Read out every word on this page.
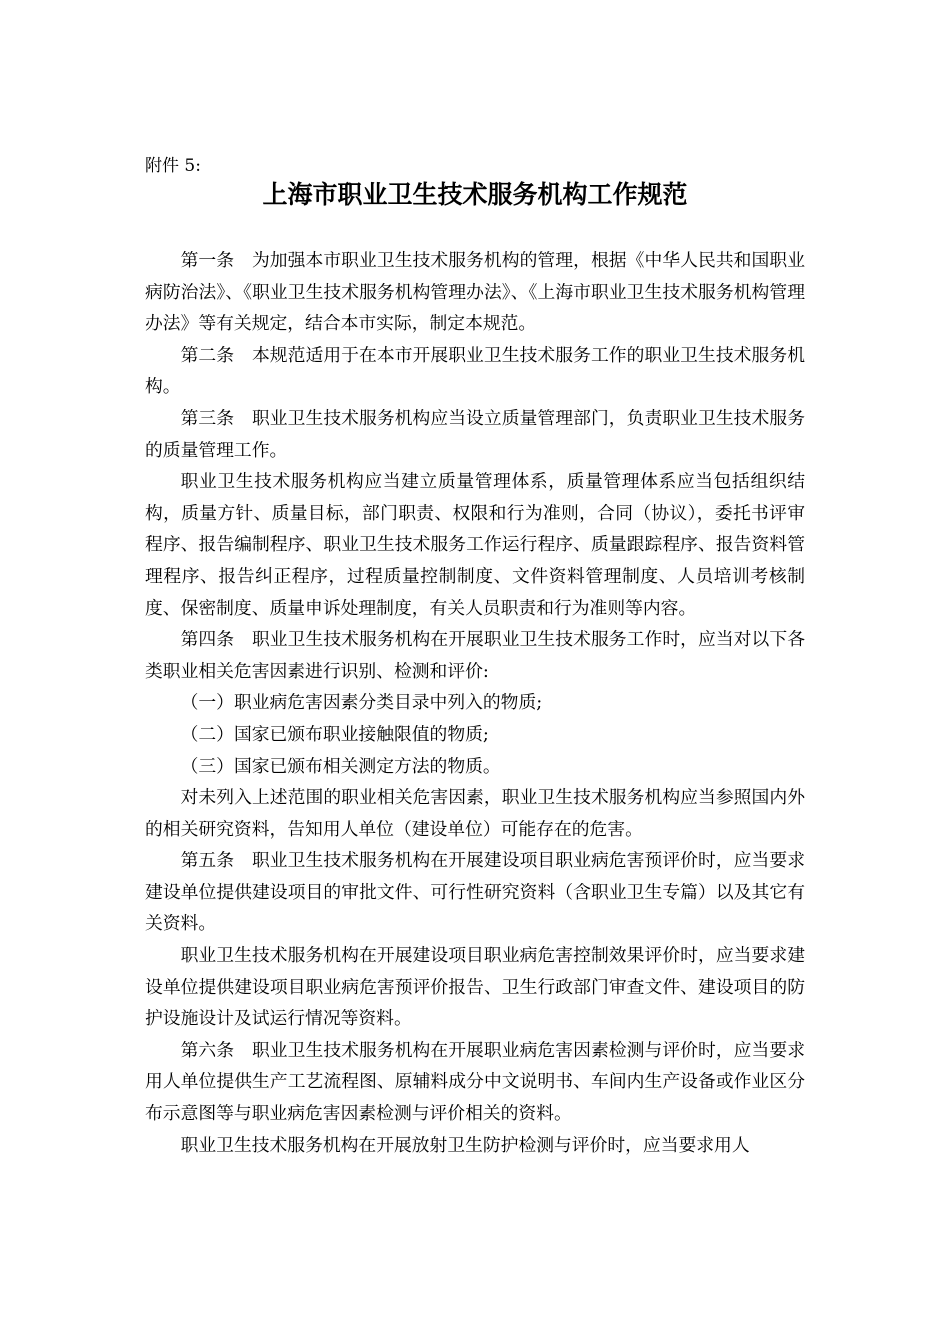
附件 5:
上海市职业卫生技术服务机构工作规范

第一条　为加强本市职业卫生技术服务机构的管理，根据《中华人民共和国职业病防治法》、《职业卫生技术服务机构管理办法》、《上海市职业卫生技术服务机构管理办法》等有关规定，结合本市实际，制定本规范。

第二条　本规范适用于在本市开展职业卫生技术服务工作的职业卫生技术服务机构。

第三条　职业卫生技术服务机构应当设立质量管理部门，负责职业卫生技术服务的质量管理工作。

职业卫生技术服务机构应当建立质量管理体系，质量管理体系应当包括组织结构，质量方针、质量目标，部门职责、权限和行为准则，合同（协议），委托书评审程序、报告编制程序、职业卫生技术服务工作运行程序、质量跟踪程序、报告资料管理程序、报告纠正程序，过程质量控制制度、文件资料管理制度、人员培训考核制度、保密制度、质量申诉处理制度，有关人员职责和行为准则等内容。

第四条　职业卫生技术服务机构在开展职业卫生技术服务工作时，应当对以下各类职业相关危害因素进行识别、检测和评价:

（一）职业病危害因素分类目录中列入的物质;

（二）国家已颁布职业接触限值的物质;

（三）国家已颁布相关测定方法的物质。

对未列入上述范围的职业相关危害因素，职业卫生技术服务机构应当参照国内外的相关研究资料，告知用人单位（建设单位）可能存在的危害。

第五条　职业卫生技术服务机构在开展建设项目职业病危害预评价时，应当要求建设单位提供建设项目的审批文件、可行性研究资料（含职业卫生专篇）以及其它有关资料。

职业卫生技术服务机构在开展建设项目职业病危害控制效果评价时，应当要求建设单位提供建设项目职业病危害预评价报告、卫生行政部门审查文件、建设项目的防护设施设计及试运行情况等资料。

第六条　职业卫生技术服务机构在开展职业病危害因素检测与评价时，应当要求用人单位提供生产工艺流程图、原辅料成分中文说明书、车间内生产设备或作业区分布示意图等与职业病危害因素检测与评价相关的资料。

职业卫生技术服务机构在开展放射卫生防护检测与评价时，应当要求用人
